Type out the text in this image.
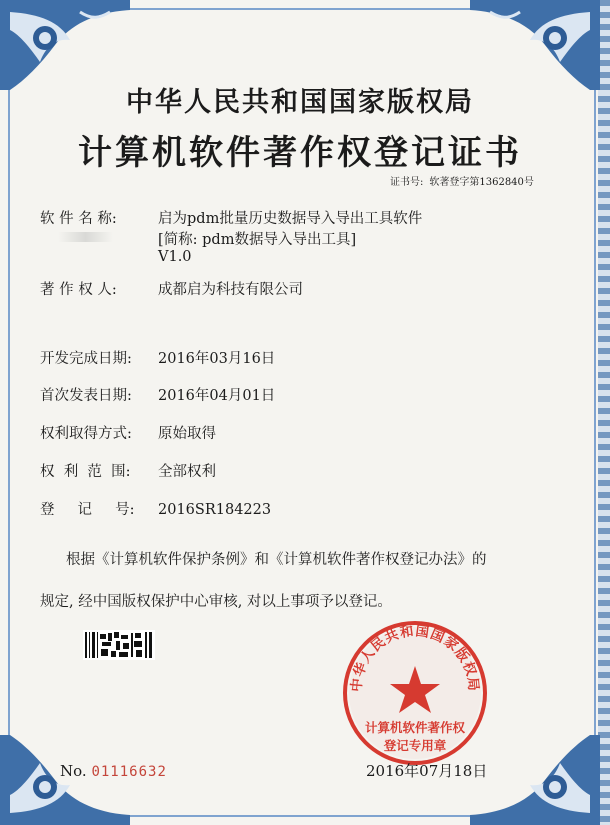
中华人民共和国国家版权局
计算机软件著作权登记证书
证书号: 软著登字第1362840号
软 件 名 称:	启为pdm批量历史数据导入导出工具软件
[简称: pdm数据导入导出工具]
V1.0
著 作 权 人:	成都启为科技有限公司
开发完成日期: 2016年03月16日
首次发表日期: 2016年04月01日
权利取得方式: 原始取得
权  利  范  围: 全部权利
登     记     号: 2016SR184223
根据《计算机软件保护条例》和《计算机软件著作权登记办法》的
规定, 经中国版权保护中心审核, 对以上事项予以登记。
中华人民共和国国家版权局
计算机软件著作权
登记专用章
No. 01116632	2016年07月18日
